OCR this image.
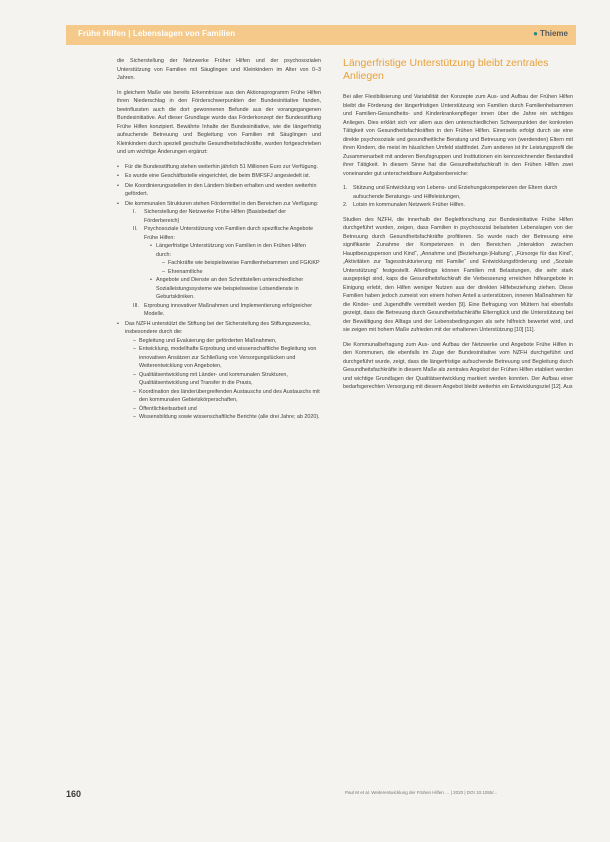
Frühe Hilfen | Lebenslagen von Familien	● Thieme

die Sicherstellung der Netzwerke Früher Hilfen und der psychosozialen Unterstützung von Familien mit Säuglingen und Kleinkindern im Alter von 0–3 Jahren.

In gleichem Maße wie bereits Erkenntnisse aus den Aktionsprogramm Frühe Hilfen ihren Niederschlag in den Förderschwerpunkten der Bundesinitiative fanden, beeinflussten auch die dort gewonnenen Befunde aus der vorangegangenen Bundesinitiative. Auf dieser Grundlage wurde das Förderkonzept der Bundesstiftung Frühe Hilfen konzipiert. Bewährte Inhalte der Bundesinitiative, wie die längerfristig aufsuchende Betreuung und Begleitung von Familien mit Säuglingen und Kleinkindern durch speziell geschulte Gesundheitsfachkräfte, wurden fortgeschrieben und um wichtige Änderungen ergänzt:

• Für die Bundesstiftung stehen weiterhin jährlich 51 Millionen Euro zur Verfügung.
• Es wurde eine Geschäftsstelle eingerichtet, die beim BMFSFJ angesiedelt ist.
• Die Koordinierungsstellen in den Ländern bleiben erhalten und werden weiterhin gefördert.
• Die kommunalen Strukturen stehen Fördermittel in den Bereichen zur Verfügung:
I. Sicherstellung der Netzwerke Frühe Hilfen (Basisbedarf der Förderbereich)
II. Psychosoziale Unterstützung von Familien durch spezifische Angebote Frühe Hilfen:
• Längerfristige Unterstützung von Familien in den Frühen Hilfen durch:
– Fachkräfte wie beispielsweise Familienhebammen und FGKiKP
– Ehrenamtliche
• Angebote und Dienste an den Schnittstellen unterschiedlicher Sozialleistungssysteme wie beispielsweise Lotsendienste in Geburtskliniken.
III. Erprobung innovativer Maßnahmen und Implementierung erfolgreicher Modelle.
• Das NZFH unterstützt die Stiftung bei der Sicherstellung des Stiftungszwecks, insbesondere durch die:
– Begleitung und Evaluierung der geförderten Maßnahmen,
– Entwicklung, modellhafte Erprobung und wissenschaftliche Begleitung von innovativen Ansätzen zur Schließung von Versorgungslücken und Weiterentwicklung von Angeboten,
– Qualitätsentwicklung mit Länder- und kommunalen Strukturen, Qualitätsentwicklung und Transfer in die Praxis,
– Koordination des länderübergreifenden Austauschs und des Austauschs mit den kommunalen Gebietskörperschaften,
– Öffentlichkeitsarbeit und
– Wissensbildung sowie wissenschaftliche Berichte (alle drei Jahre; ab 2020).
Längerfristige Unterstützung bleibt zentrales Anliegen

Bei aller Flexibilisierung und Variabilität der Konzepte zum Aus- und Aufbau der Frühen Hilfen bleibt die Förderung der längerfristigen Unterstützung von Familien durch Familienhebammen und Familien-Gesundheits- und Kinderkrankenpfleger innen über die Jahre ein wichtiges Anliegen. Dies erklärt sich vor allem aus den unterschiedlichen Schwerpunkten der konkreten Tätigkeit von Gesundheitsfachkräften in den Frühen Hilfen. Einerseits erfolgt durch sie eine direkte psychosoziale und gesundheitliche Beratung und Betreuung von (werdenden) Eltern mit ihren Kindern, die meist im häuslichen Umfeld stattfindet. Zum anderen ist ihr Leistungsprofil die Zusammenarbeit mit anderen Berufsgruppen und Institutionen ein kennzeichnender Bestandteil ihrer Tätigkeit. In diesem Sinne hat die Gesundheitsfachkraft in den Frühen Hilfen zwei voneinander gut unterscheidbare Aufgabenbereiche:

1. Stützung und Entwicklung von Lebens- und Erziehungskompetenzen der Eltern durch aufsuchende Beratungs- und Hilfeleistungen,
2. Lotsin im kommunalen Netzwerk Früher Hilfen.

Studien des NZFH, die innerhalb der Begleitforschung zur Bundesinitiative Frühe Hilfen durchgeführt wurden, zeigen, dass Familien in psychosozial belasteten Lebenslagen von der Betreuung durch Gesundheitsfachkräfte profitieren. So wurde nach der Betreuung eine signifikante Zunahme der Kompetenzen in den Bereichen „Interaktion zwischen Hauptbezugsperson und Kind“, „Annahme und (Beziehungs-)Haltung“, „Fürsorge für das Kind“, „Aktivitäten zur Tagesstrukturierung mit Familie“ und Entwicklungsförderung und „Soziale Unterstützung“ festgestellt. Allerdings können Familien mit Belastungen, die sehr stark ausgeprägt sind, kaps die Gesundheitsfachkraft die Verbesserung erreichen hilfeangebote in Einigung erlebt, den Hilfen weniger Nutzen aus der direkten Hilfebeziehung ziehen. Diese Familien haben jedoch zumeist von einem hohen Anteil a unterstützen, inneren Maßnahmen für die Kinder- und Jugendhilfe vermittelt werden [9]. Eine Befragung von Müttern hat ebenfalls gezeigt, dass die Betreuung durch Gesundheitsfachkräfte Elternglück und die Unterstützung bei der Bewältigung des Alltags und der Lebensbedingungen als sehr hilfreich bewertet wird, und sie zeigen mit hohem Maße zufrieden mit der erhaltenen Unterstützung [10] [11].

Die Kommunalbefragung zum Aus- und Aufbau der Netzwerke und Angebote Frühe Hilfen in den Kommunen, die ebenfalls im Zuge der Bundesinitiative vom NZFH durchgeführt und durchgeführt wurde, zeigt, dass die längerfristige aufsuchende Betreuung und Begleitung durch Gesundheitsfachkräfte in diesem Maße als zentrales Angebot der Frühen Hilfen etabliert werden und wichtige Grundlagen der Qualitätsentwicklung markiert werden konnten. Der Aufbau einer bedarfsgerechten Versorgung mit diesem Angebot bleibt weiterhin ein Entwicklungsziel [12]. Aus

160	Paul M et al. Weiterentwicklung der Frühen Hilfen … | 2020 | DOI 10.1055/...
